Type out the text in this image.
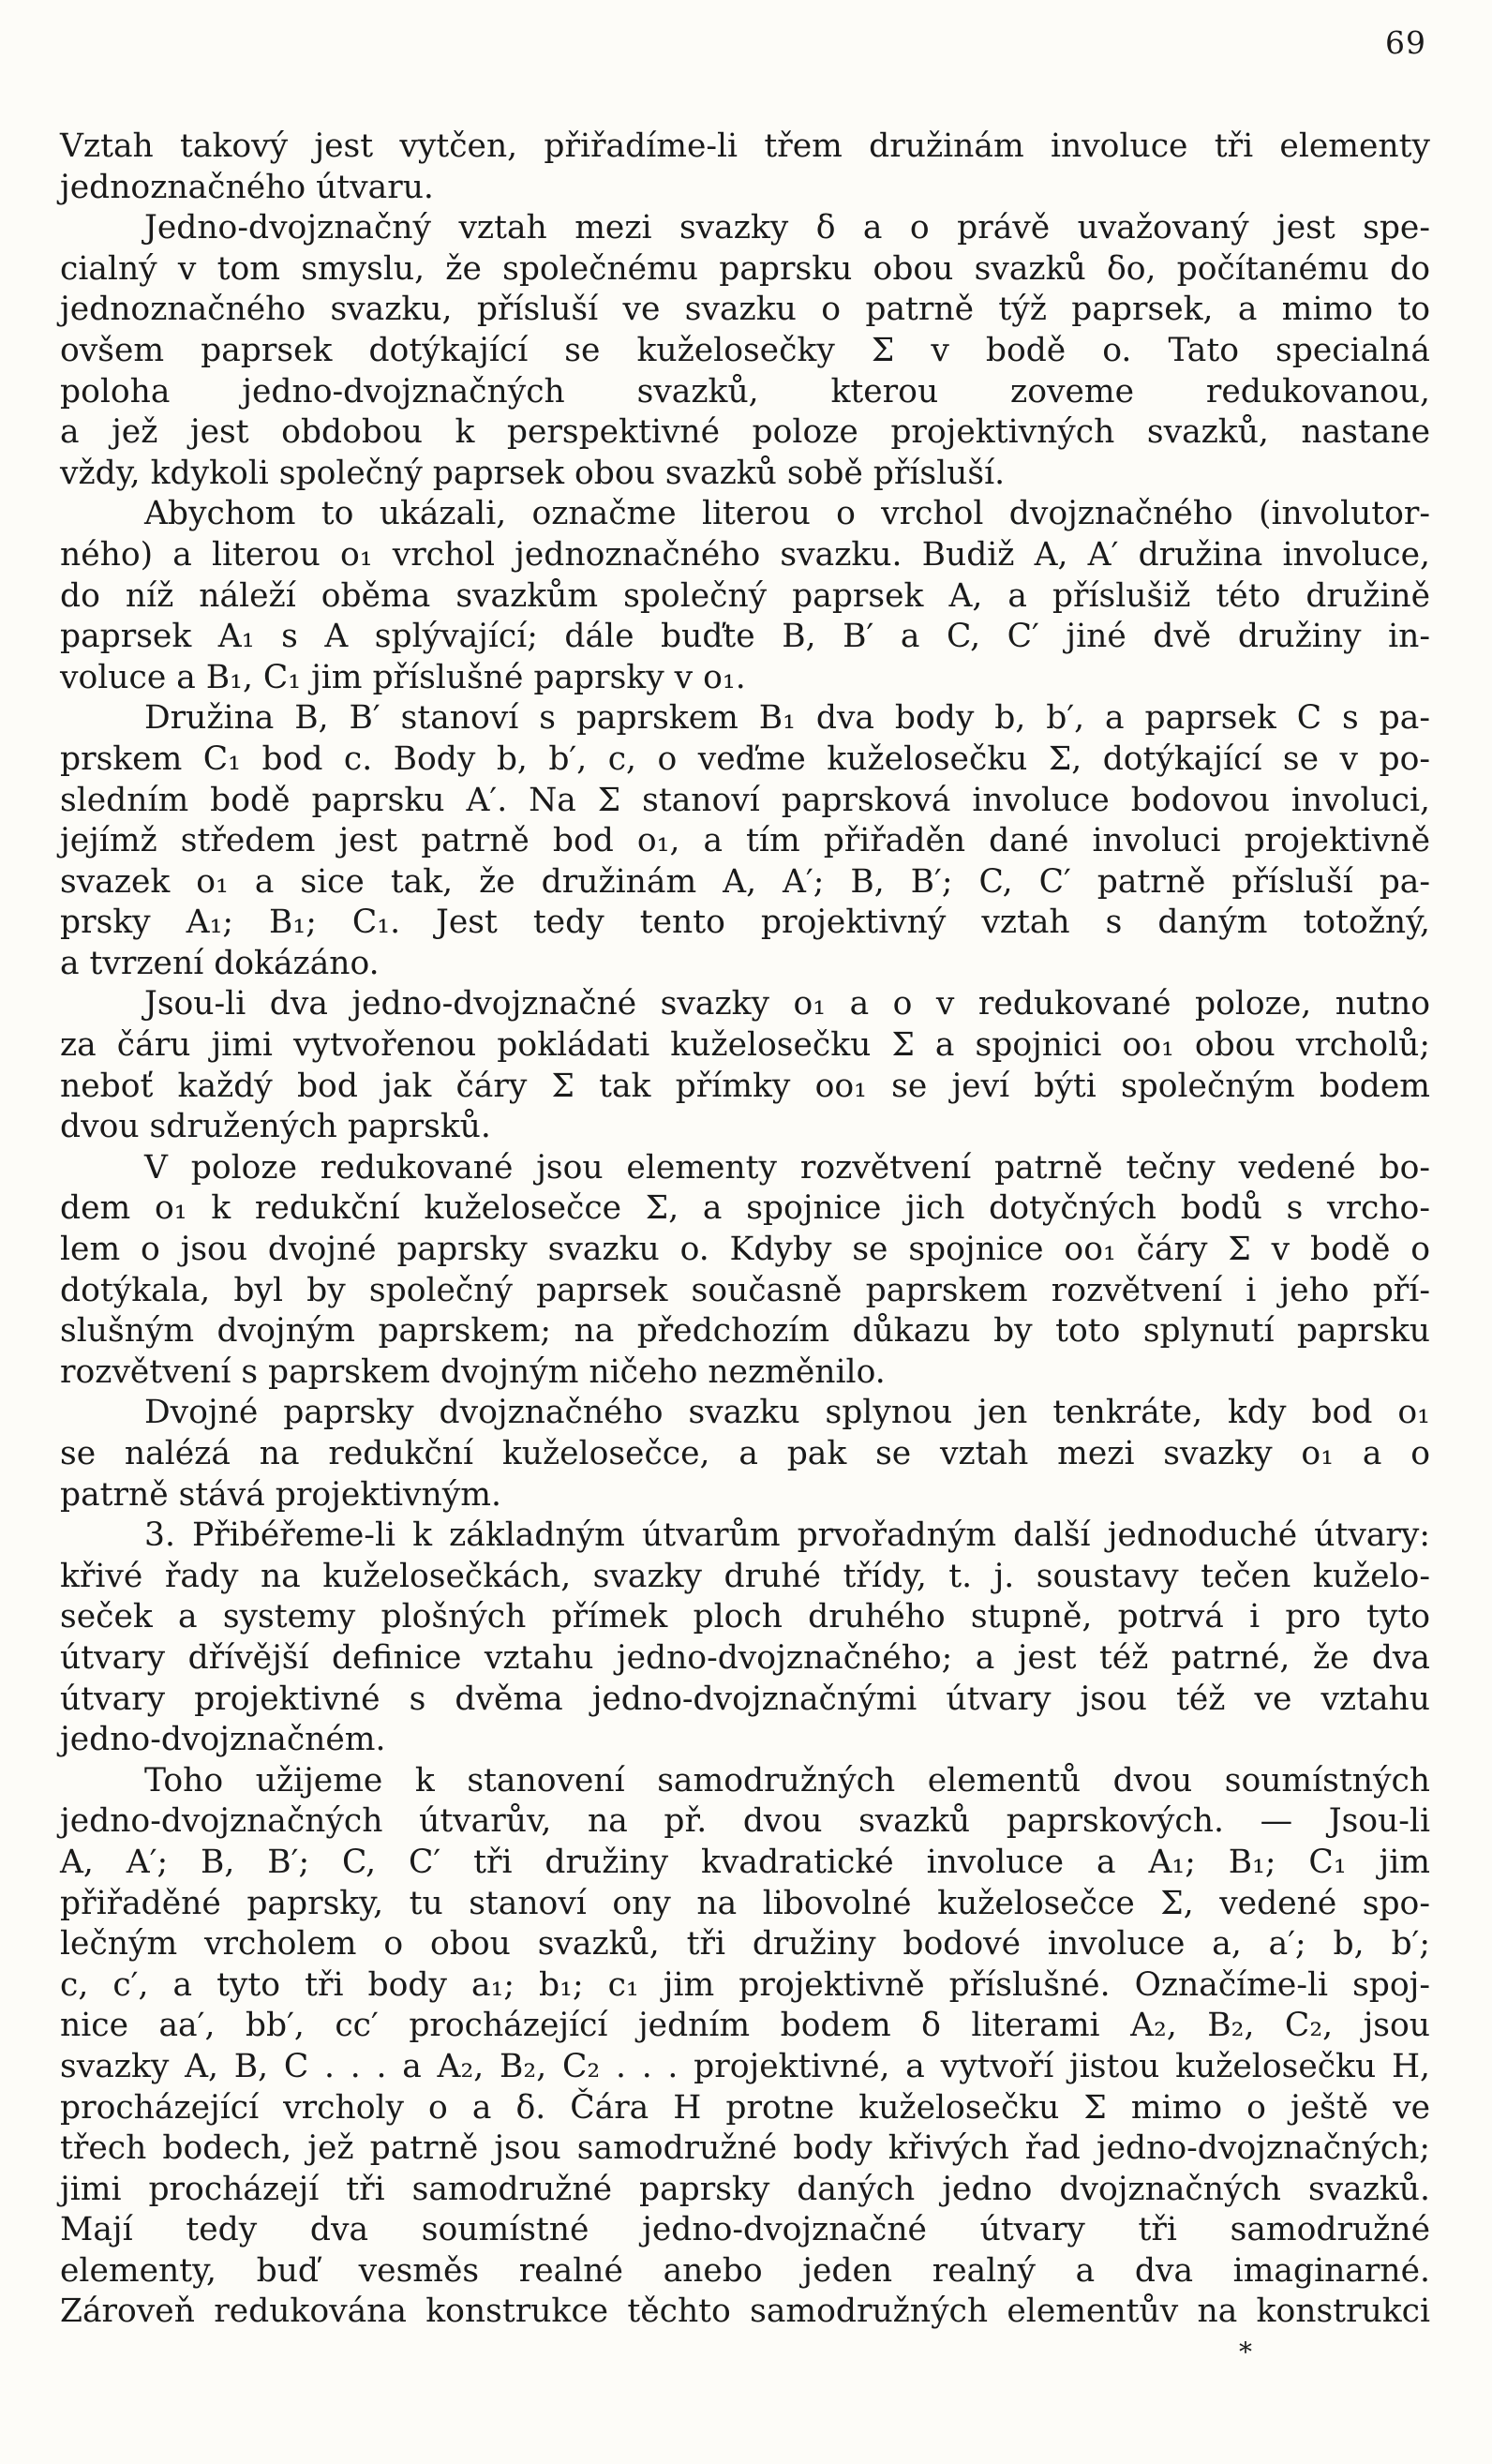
69
Vztah takový jest vytčen, přiřadíme-li třem družinám involuce tři elementy
jednoznačného útvaru.
Jedno-dvojznačný vztah mezi svazky δ a o právě uvažovaný jest spe-
cialný v tom smyslu, že společnému paprsku obou svazků δo, počítanému do
jednoznačného svazku, přísluší ve svazku o patrně týž paprsek, a mimo to
ovšem paprsek dotýkající se kuželosečky Σ v bodě o. Tato specialná
poloha jedno-dvojznačných svazků, kterou zoveme redukovanou,
a jež jest obdobou k perspektivné poloze projektivných svazků, nastane
vždy, kdykoli společný paprsek obou svazků sobě přísluší.
Abychom to ukázali, označme literou o vrchol dvojznačného (involutor-
ného) a literou o₁ vrchol jednoznačného svazku. Budiž A, A′ družina involuce,
do níž náleží oběma svazkům společný paprsek A, a příslušiž této družině
paprsek A₁ s A splývající; dále buďte B, B′ a C, C′ jiné dvě družiny in-
voluce a B₁, C₁ jim příslušné paprsky v o₁.
Družina B, B′ stanoví s paprskem B₁ dva body b, b′, a paprsek C s pa-
prskem C₁ bod c. Body b, b′, c, o veďme kuželosečku Σ, dotýkající se v po-
sledním bodě paprsku A′. Na Σ stanoví paprsková involuce bodovou involuci,
jejímž středem jest patrně bod o₁, a tím přiřaděn dané involuci projektivně
svazek o₁ a sice tak, že družinám A, A′; B, B′; C, C′ patrně přísluší pa-
prsky A₁; B₁; C₁. Jest tedy tento projektivný vztah s daným totožný,
a tvrzení dokázáno.
Jsou-li dva jedno-dvojznačné svazky o₁ a o v redukované poloze, nutno
za čáru jimi vytvořenou pokládati kuželosečku Σ a spojnici oo₁ obou vrcholů;
neboť každý bod jak čáry Σ tak přímky oo₁ se jeví býti společným bodem
dvou sdružených paprsků.
V poloze redukované jsou elementy rozvětvení patrně tečny vedené bo-
dem o₁ k redukční kuželosečce Σ, a spojnice jich dotyčných bodů s vrcho-
lem o jsou dvojné paprsky svazku o. Kdyby se spojnice oo₁ čáry Σ v bodě o
dotýkala, byl by společný paprsek současně paprskem rozvětvení i jeho pří-
slušným dvojným paprskem; na předchozím důkazu by toto splynutí paprsku
rozvětvení s paprskem dvojným ničeho nezměnilo.
Dvojné paprsky dvojznačného svazku splynou jen tenkráte, kdy bod o₁
se nalézá na redukční kuželosečce, a pak se vztah mezi svazky o₁ a o
patrně stává projektivným.
3. Přibéřeme-li k základným útvarům prvořadným další jednoduché útvary:
křivé řady na kuželosečkách, svazky druhé třídy, t. j. soustavy tečen kuželo-
seček a systemy plošných přímek ploch druhého stupně, potrvá i pro tyto
útvary dřívější definice vztahu jedno-dvojznačného; a jest též patrné, že dva
útvary projektivné s dvěma jedno-dvojznačnými útvary jsou též ve vztahu
jedno-dvojznačném.
Toho užijeme k stanovení samodružných elementů dvou soumístných
jedno-dvojznačných útvarův, na př. dvou svazků paprskových. — Jsou-li
A, A′; B, B′; C, C′ tři družiny kvadratické involuce a A₁; B₁; C₁ jim
přiřaděné paprsky, tu stanoví ony na libovolné kuželosečce Σ, vedené spo-
lečným vrcholem o obou svazků, tři družiny bodové involuce a, a′; b, b′;
c, c′, a tyto tři body a₁; b₁; c₁ jim projektivně příslušné. Označíme-li spoj-
nice aa′, bb′, cc′ procházející jedním bodem δ literami A₂, B₂, C₂, jsou
svazky A, B, C . . . a A₂, B₂, C₂ . . . projektivné, a vytvoří jistou kuželosečku H,
procházející vrcholy o a δ. Čára H protne kuželosečku Σ mimo o ještě ve
třech bodech, jež patrně jsou samodružné body křivých řad jedno-dvojznačných;
jimi procházejí tři samodružné paprsky daných jedno dvojznačných svazků.
Mají tedy dva soumístné jedno-dvojznačné útvary tři samodružné
elementy, buď vesměs realné anebo jeden realný a dva imaginarné.
Zároveň redukována konstrukce těchto samodružných elementův na konstrukci
*
